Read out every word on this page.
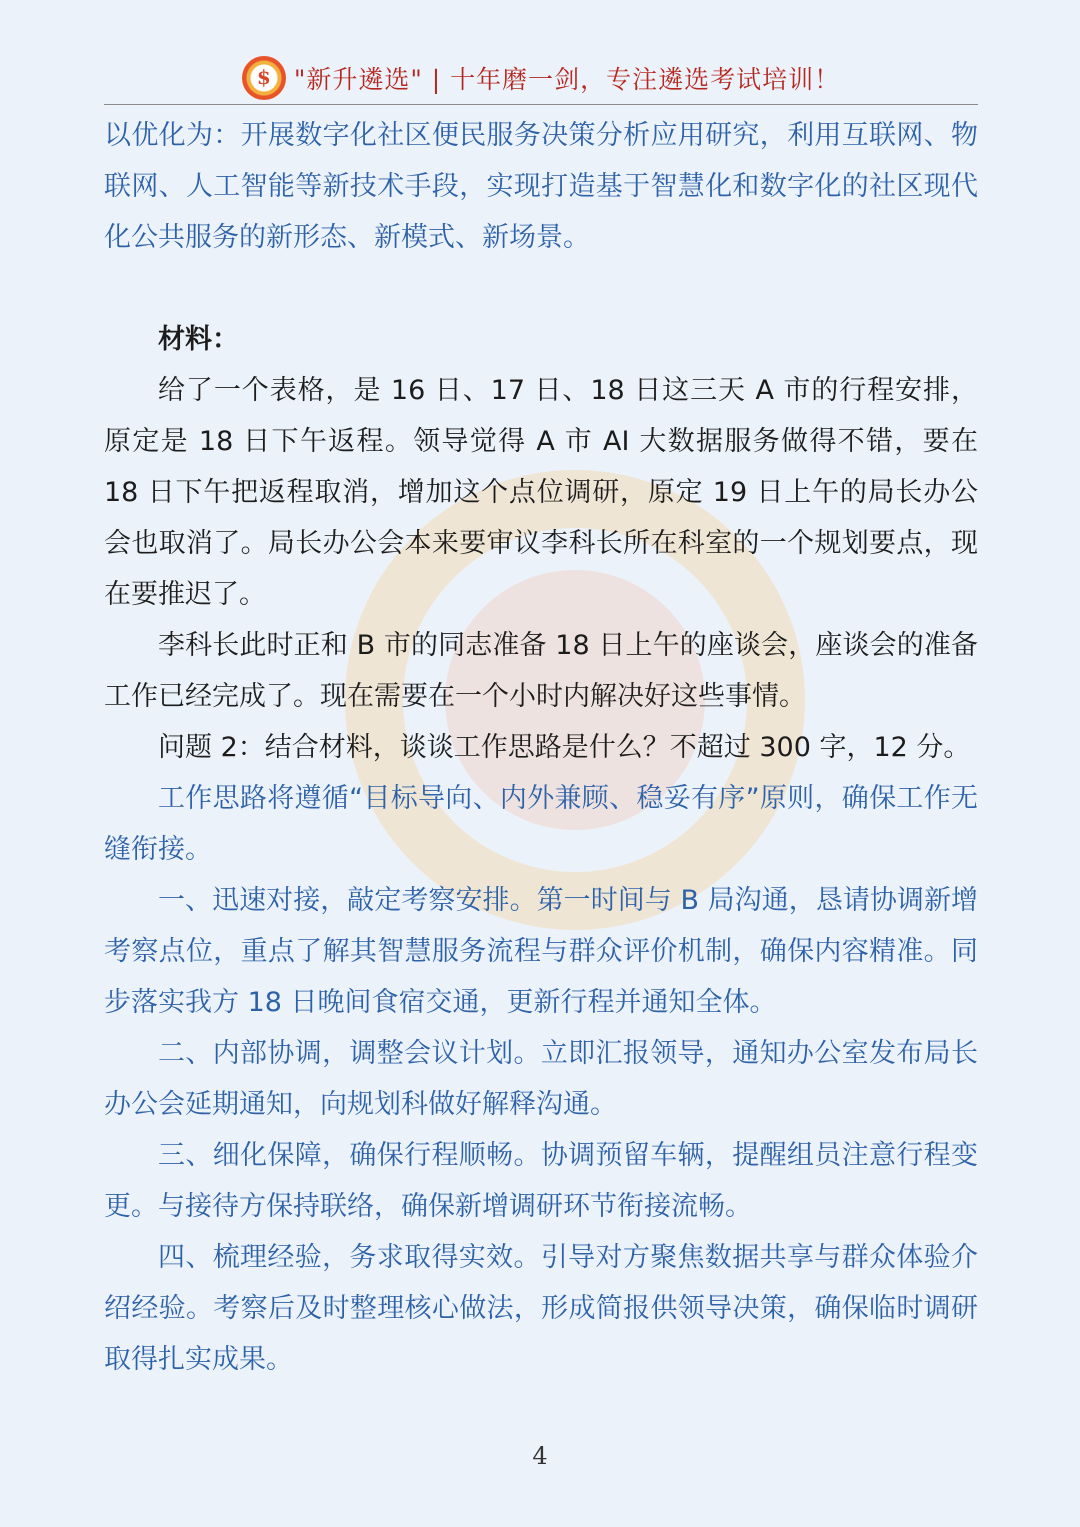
$
"新升遴选" | 十年磨一剑，专注遴选考试培训！

以优化为：开展数字化社区便民服务决策分析应用研究，利用互联网、物联网、人工智能等新技术手段，实现打造基于智慧化和数字化的社区现代化公共服务的新形态、新模式、新场景。

材料：

给了一个表格，是 16 日、17 日、18 日这三天 A 市的行程安排，原定是 18 日下午返程。领导觉得 A 市 AI 大数据服务做得不错，要在 18 日下午把返程取消，增加这个点位调研，原定 19 日上午的局长办公会也取消了。局长办公会本来要审议李科长所在科室的一个规划要点，现在要推迟了。

李科长此时正和 B 市的同志准备 18 日上午的座谈会，座谈会的准备工作已经完成了。现在需要在一个小时内解决好这些事情。

问题 2：结合材料，谈谈工作思路是什么？不超过 300 字，12 分。

工作思路将遵循“目标导向、内外兼顾、稳妥有序”原则，确保工作无缝衔接。

一、迅速对接，敲定考察安排。第一时间与 B 局沟通，恳请协调新增考察点位，重点了解其智慧服务流程与群众评价机制，确保内容精准。同步落实我方 18 日晚间食宿交通，更新行程并通知全体。

二、内部协调，调整会议计划。立即汇报领导，通知办公室发布局长办公会延期通知，向规划科做好解释沟通。

三、细化保障，确保行程顺畅。协调预留车辆，提醒组员注意行程变更。与接待方保持联络，确保新增调研环节衔接流畅。

四、梳理经验，务求取得实效。引导对方聚焦数据共享与群众体验介绍经验。考察后及时整理核心做法，形成简报供领导决策，确保临时调研取得扎实成果。

4
